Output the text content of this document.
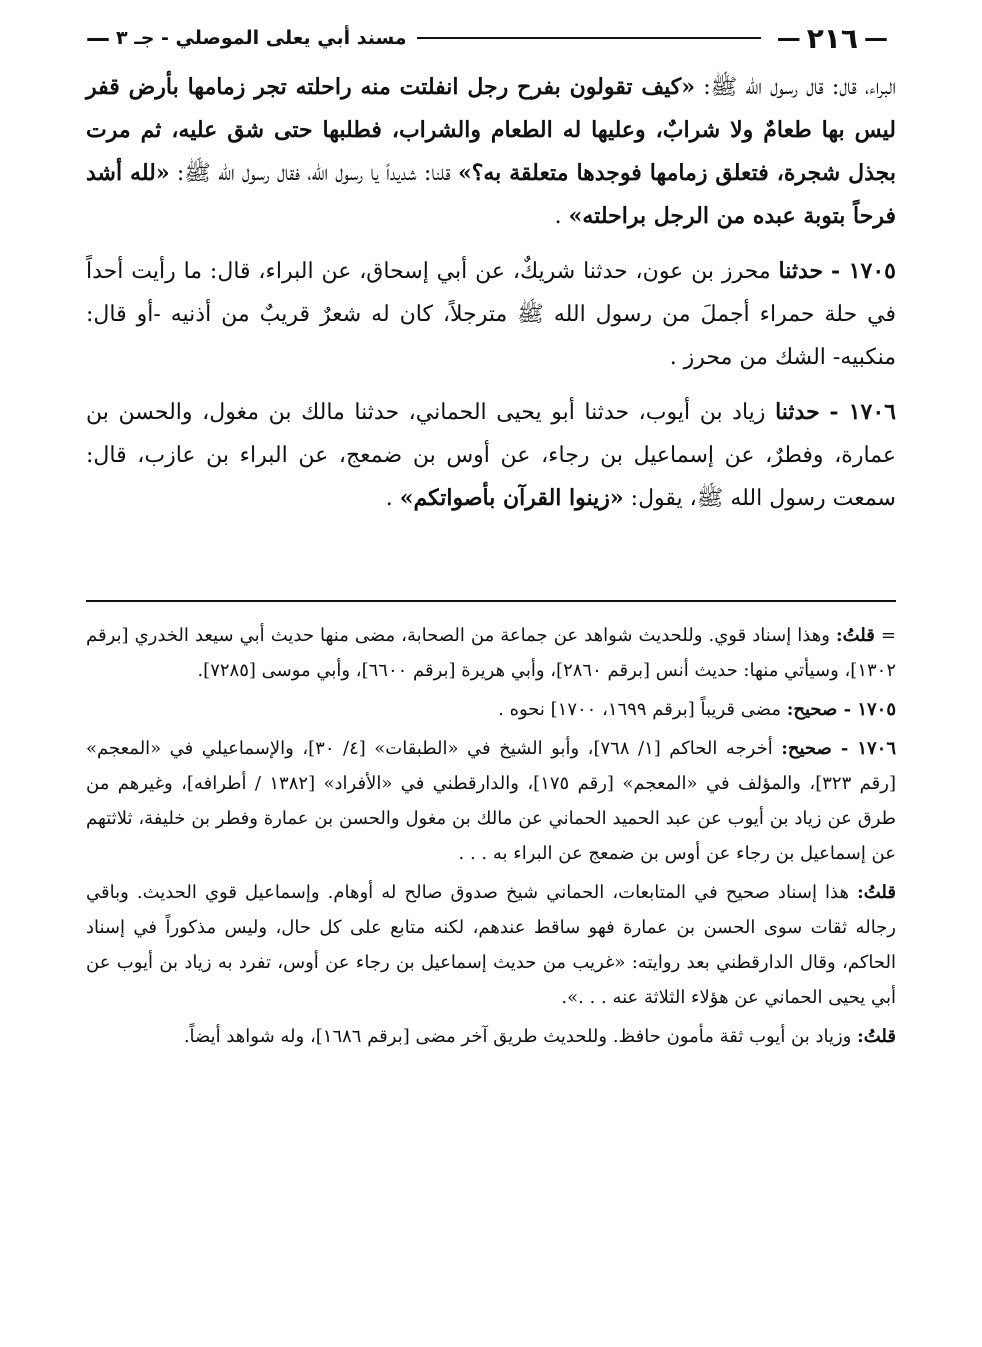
—
٢١٦
—
مسند أبي يعلى الموصلي - جـ ٣
—

البراء، قال: قال رسول الله ﷺ: «كيف تقولون بفرح رجل انفلتت منه راحلته تجر زمامها بأرض قفر ليس بها طعامٌ ولا شرابٌ، وعليها له الطعام والشراب، فطلبها حتى شق عليه، ثم مرت بجذل شجرة، فتعلق زمامها فوجدها متعلقة به؟» قلنا: شديداً يا رسول الله، فقال رسول الله ﷺ: «لله أشد فرحاً بتوبة عبده من الرجل براحلته» .

١٧٠٥ - حدثنا محرز بن عون، حدثنا شريكٌ، عن أبي إسحاق، عن البراء، قال: ما رأيت أحداً في حلة حمراء أجملَ من رسول الله ﷺ مترجلاً، كان له شعرٌ قريبٌ من أذنيه -أو قال: منكبيه- الشك من محرز .

١٧٠٦ - حدثنا زياد بن أيوب، حدثنا أبو يحيى الحماني، حدثنا مالك بن مغول، والحسن بن عمارة، وفطرٌ، عن إسماعيل بن رجاء، عن أوس بن ضمعج، عن البراء بن عازب، قال: سمعت رسول الله ﷺ، يقول: «زينوا القرآن بأصواتكم» .

= قلتُ: وهذا إسناد قوي. وللحديث شواهد عن جماعة من الصحابة، مضى منها حديث أبي سيعد الخدري [برقم ١٣٠٢]، وسيأتي منها: حديث أنس [برقم ٢٨٦٠]، وأبي هريرة [برقم ٦٦٠٠]، وأبي موسى [٧٢٨٥].

١٧٠٥ - صحيح: مضى قريباً [برقم ١٦٩٩، ١٧٠٠] نحوه .

١٧٠٦ - صحيح: أخرجه الحاكم [١/ ٧٦٨]، وأبو الشيخ في «الطبقات» [٤/ ٣٠]، والإسماعيلي في «المعجم» [رقم ٣٢٣]، والمؤلف في «المعجم» [رقم ١٧٥]، والدارقطني في «الأفراد» [١٣٨٢ / أطرافه]، وغيرهم من طرق عن زياد بن أيوب عن عبد الحميد الحماني عن مالك بن مغول والحسن بن عمارة وفطر بن خليفة، ثلاثتهم عن إسماعيل بن رجاء عن أوس بن ضمعج عن البراء به . . .

قلتُ: هذا إسناد صحيح في المتابعات، الحماني شيخ صدوق صالح له أوهام. وإسماعيل قوي الحديث. وباقي رجاله ثقات سوى الحسن بن عمارة فهو ساقط عندهم، لكنه متابع على كل حال، وليس مذكوراً في إسناد الحاكم، وقال الدارقطني بعد روايته: «غريب من حديث إسماعيل بن رجاء عن أوس، تفرد به زياد بن أيوب عن أبي يحيى الحماني عن هؤلاء الثلاثة عنه . . .».

قلتُ: وزياد بن أيوب ثقة مأمون حافظ. وللحديث طريق آخر مضى [برقم ١٦٨٦]، وله شواهد أيضاً.
